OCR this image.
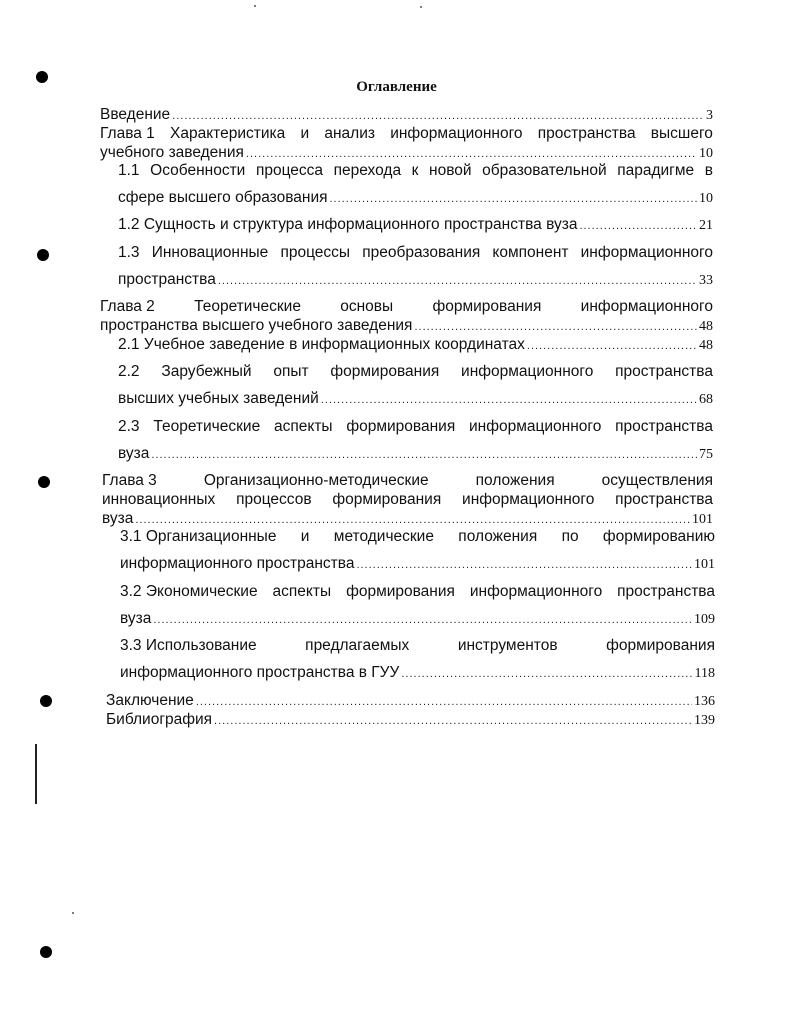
Оглавление
Введение .....	3
Глава 1 Характеристика и анализ информационного пространства высшего
учебного заведения .....	10
1.1 Особенности процесса перехода к новой образовательной парадигме в
сфере высшего образования .....	10
1.2 Сущность и структура информационного пространства вуза .....	21
1.3 Инновационные процессы преобразования компонент информационного
пространства .....	33
Глава 2	Теоретические	основы	формирования	информационного
пространства высшего учебного заведения .....	48
2.1 Учебное заведение в информационных координатах .....	48
2.2 Зарубежный опыт формирования информационного пространства
высших учебных заведений .....	68
2.3 Теоретические аспекты формирования информационного пространства
вуза .....	75
Глава 3	Организационно-методические	положения	осуществления
инновационных процессов формирования информационного пространства
вуза .....	101
3.1 Организационные и методические положения по формированию
информационного пространства .....	101
3.2 Экономические аспекты формирования информационного пространства
вуза .....	109
3.3 Использование	предлагаемых	инструментов	формирования
информационного пространства в ГУУ .....	118
Заключение .....	136
Библиография .....	139
